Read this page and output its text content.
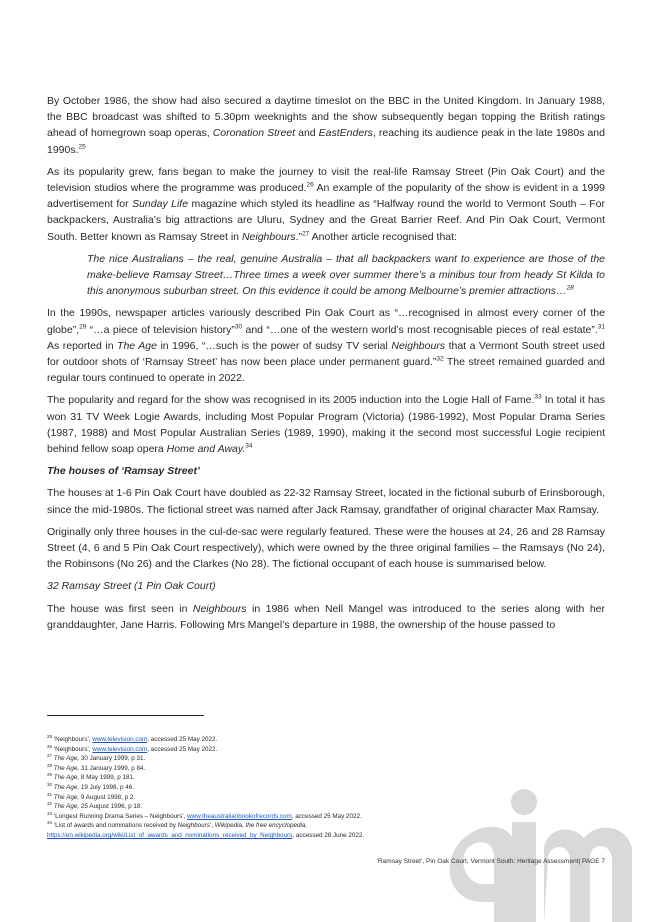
By October 1986, the show had also secured a daytime timeslot on the BBC in the United Kingdom. In January 1988, the BBC broadcast was shifted to 5.30pm weeknights and the show subsequently began topping the British ratings ahead of homegrown soap operas, Coronation Street and EastEnders, reaching its audience peak in the late 1980s and 1990s.$^{25}$

As its popularity grew, fans began to make the journey to visit the real-life Ramsay Street (Pin Oak Court) and the television studios where the programme was produced.$^{26}$ An example of the popularity of the show is evident in a 1999 advertisement for Sunday Life magazine which styled its headline as “Halfway round the world to Vermont South – For backpackers, Australia’s big attractions are Uluru, Sydney and the Great Barrier Reef. And Pin Oak Court, Vermont South. Better known as Ramsay Street in Neighbours.”$^{27}$ Another article recognised that:

The nice Australians – the real, genuine Australia – that all backpackers want to experience are those of the make-believe Ramsay Street…Three times a week over summer there’s a minibus tour from heady St Kilda to this anonymous suburban street. On this evidence it could be among Melbourne’s premier attractions…$^{28}$

In the 1990s, newspaper articles variously described Pin Oak Court as “…recognised in almost every corner of the globe”,$^{29}$ “…a piece of television history”$^{30}$ and “…one of the western world’s most recognisable pieces of real estate”.$^{31}$ As reported in The Age in 1996, “…such is the power of sudsy TV serial Neighbours that a Vermont South street used for outdoor shots of ‘Ramsay Street’ has now been place under permanent guard.”$^{32}$ The street remained guarded and regular tours continued to operate in 2022.

The popularity and regard for the show was recognised in its 2005 induction into the Logie Hall of Fame.$^{33}$ In total it has won 31 TV Week Logie Awards, including Most Popular Program (Victoria) (1986-1992), Most Popular Drama Series (1987, 1988) and Most Popular Australian Series (1989, 1990), making it the second most successful Logie recipient behind fellow soap opera Home and Away.$^{34}$

The houses of ‘Ramsay Street’

The houses at 1-6 Pin Oak Court have doubled as 22-32 Ramsay Street, located in the fictional suburb of Erinsborough, since the mid-1980s. The fictional street was named after Jack Ramsay, grandfather of original character Max Ramsay.

Originally only three houses in the cul-de-sac were regularly featured. These were the houses at 24, 26 and 28 Ramsay Street (4, 6 and 5 Pin Oak Court respectively), which were owned by the three original families – the Ramsays (No 24), the Robinsons (No 26) and the Clarkes (No 28). The fictional occupant of each house is summarised below.

32 Ramsay Street (1 Pin Oak Court)

The house was first seen in Neighbours in 1986 when Nell Mangel was introduced to the series along with her granddaughter, Jane Harris. Following Mrs Mangel’s departure in 1988, the ownership of the house passed to

$^{25}$ ‘Neighbours’, www.television.com, accessed 25 May 2022.

$^{26}$ ‘Neighbours’, www.television.com, accessed 25 May 2022.

$^{27}$ The Age, 30 January 1999, p 31.

$^{28}$ The Age, 31 January 1999, p 84.

$^{29}$ The Age, 8 May 1999, p 181.

$^{30}$ The Age, 19 July 1998, p 46.

$^{31}$ The Age, 9 August 1998, p 2.

$^{32}$ The Age, 25 August 1996, p 18.

$^{33}$ ‘Longest Running Drama Series – Neighbours’, www.theaustralianbookofrecords.com, accessed 25 May 2022.

$^{34}$ ‘List of awards and nominations received by Neighbours’, Wikipedia, the free encyclopedia,

https://en.wikipedia.org/wiki/List_of_awards_and_nominations_received_by_Neighbours, accessed 28 June 2022.

‘Ramsay Street’, Pin Oak Court, Vermont South: Heritage Assessment| PAGE 7
